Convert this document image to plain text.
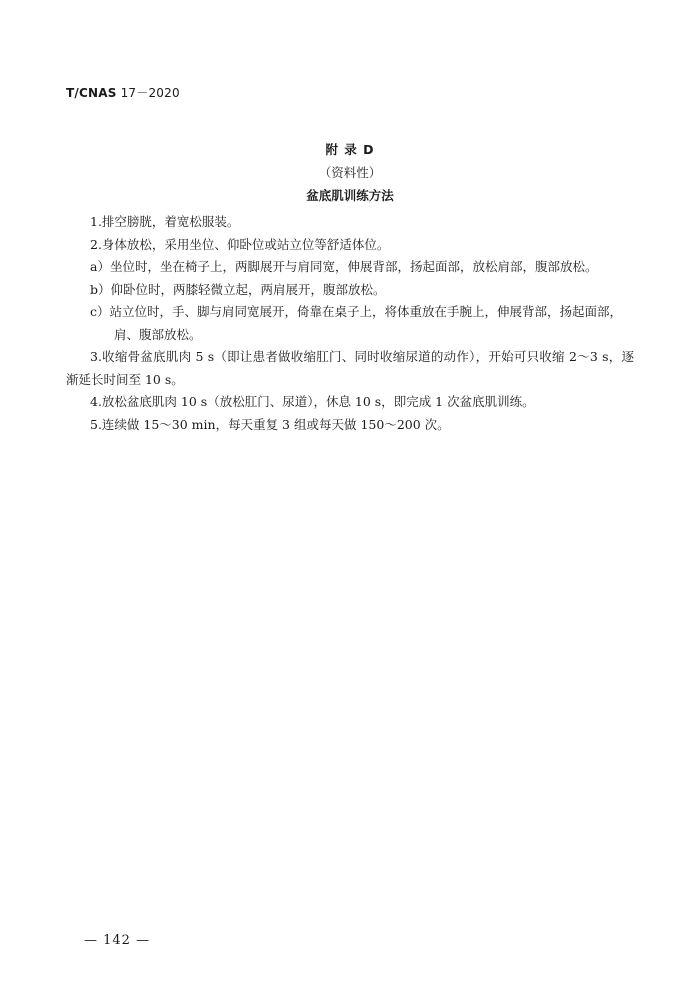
T/CNAS 17－2020
附 录 D
（资料性）
盆底肌训练方法

1.排空膀胱，着宽松服装。

2.身体放松，采用坐位、仰卧位或站立位等舒适体位。

a）坐位时，坐在椅子上，两脚展开与肩同宽，伸展背部，扬起面部，放松肩部，腹部放松。

b）仰卧位时，两膝轻微立起，两肩展开，腹部放松。

c）站立位时，手、脚与肩同宽展开，倚靠在桌子上，将体重放在手腕上，伸展背部，扬起面部，肩、腹部放松。

3.收缩骨盆底肌肉 5 s（即让患者做收缩肛门、同时收缩尿道的动作），开始可只收缩 2～3 s，逐渐延长时间至 10 s。

4.放松盆底肌肉 10 s（放松肛门、尿道），休息 10 s，即完成 1 次盆底肌训练。

5.连续做 15～30 min，每天重复 3 组或每天做 150～200 次。

— 142 —
